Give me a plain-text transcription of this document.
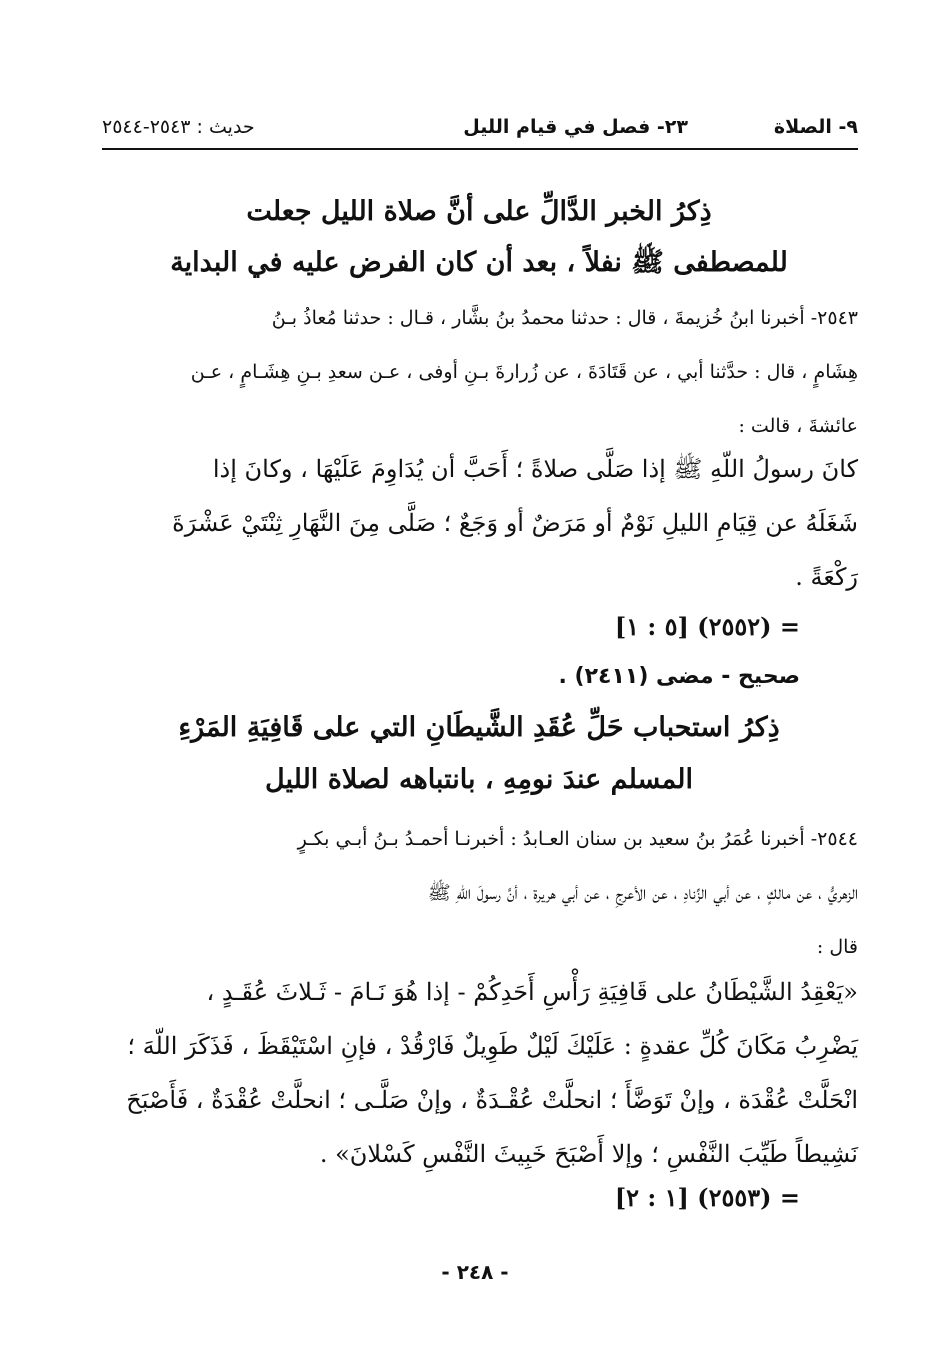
٩- الصلاة
٢٣- فصل في قيام الليل
حديث : ٢٥٤٣-٢٥٤٤
ذِكرُ الخبر الدَّالِّ على أنَّ صلاة الليل جعلت
للمصطفى ﷺ نفلاً ، بعد أن كان الفرض عليه في البداية
٢٥٤٣- أخبرنا ابنُ خُزيمةَ ، قال : حدثنا محمدُ بنُ بشَّار ، قـال : حدثنا مُعاذُ بـنُ
هِشَامٍ ، قال : حدَّثنا أبي ، عن قَتَادَةَ ، عن زُرارةَ بـنِ أوفى ، عـن سعدِ بـنِ هِشَـامٍ ، عـن
عائشةَ ، قالت :
كانَ رسولُ اللّهِ ﷺ إذا صَلَّى صلاةً ؛ أَحَبَّ أن يُدَاوِمَ عَلَيْهَا ، وكانَ إذا
شَغَلَهُ عن قِيَامِ الليلِ نَوْمٌ أو مَرَضٌ أو وَجَعٌ ؛ صَلَّى مِنَ النَّهَارِ ثِنْتَيْ عَشْرَةَ
رَكْعَةً .
= (٢٥٥٢) [٥ : ١]
صحيح - مضى (٢٤١١) .
ذِكرُ استحباب حَلِّ عُقَدِ الشَّيطَانِ التي على قَافِيَةِ المَرْءِ
المسلم عندَ نومِهِ ، بانتباهه لصلاة الليل
٢٥٤٤- أخبرنا عُمَرُ بنُ سعيد بن سنان العـابدُ : أخبرنـا أحمـدُ بـنُ أبـي بكـرٍ
الزهريُّ ، عن مالكٍ ، عن أبي الزِّنادِ ، عن الأعرجِ ، عن أبي هريرة ، أنَّ رسولَ اللّهِ ﷺ
قال :
«يَعْقِدُ الشَّيْطَانُ على قَافِيَةِ رَأْسِ أَحَدِكُمْ - إذا هُوَ نَـامَ - ثَـلاثَ عُقَـدٍ ،
يَضْرِبُ مَكَانَ كُلِّ عقدةٍ : عَلَيْكَ لَيْلٌ طَوِيلٌ فَارْقُدْ ، فإنِ اسْتَيْقَظَ ، فَذَكَرَ اللّهَ ؛
انْحَلَّتْ عُقْدَة ، وإنْ تَوَضَّأَ ؛ انحلَّتْ عُقْـدَةٌ ، وإنْ صَلَّـى ؛ انحلَّتْ عُقْدَةٌ ، فَأَصْبَحَ
نَشِيطاً طَيِّبَ النَّفْسِ ؛ وإلا أَصْبَحَ خَبِيثَ النَّفْسِ كَسْلانَ» .
= (٢٥٥٣) [١ : ٢]
- ٢٤٨ -
